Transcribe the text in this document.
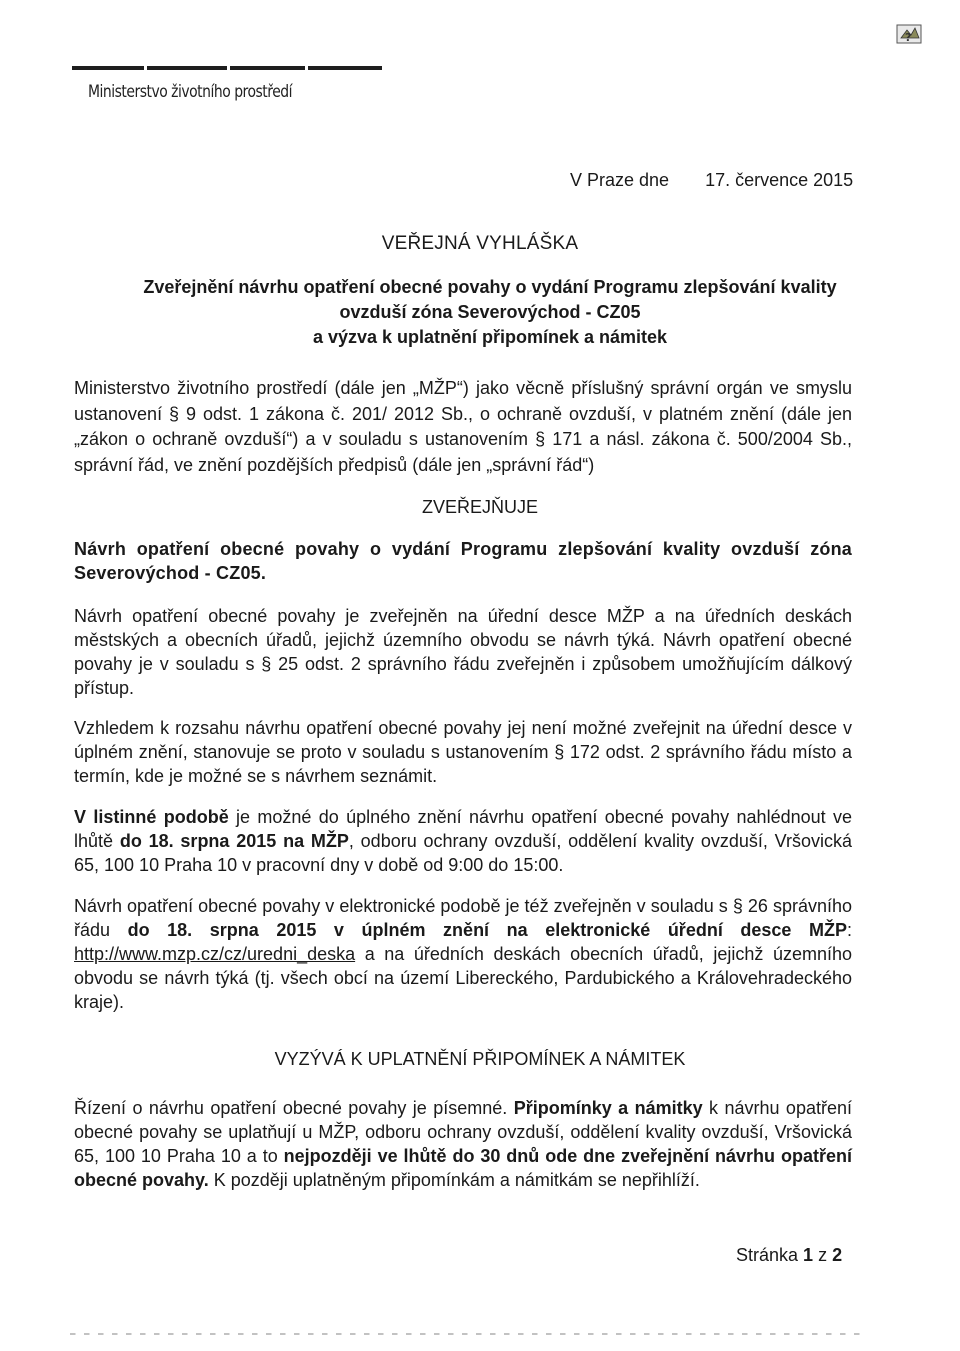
?
Ministerstvo životního prostředí
V Praze dne 17. července 2015
VEŘEJNÁ VYHLÁŠKA
Zveřejnění návrhu opatření obecné povahy o vydání Programu zlepšování kvality
ovzduší zóna Severovýchod - CZ05
a výzva k uplatnění připomínek a námitek
Ministerstvo životního prostředí (dále jen „MŽP“) jako věcně příslušný správní orgán ve smyslu ustanovení § 9 odst. 1 zákona č. 201/ 2012 Sb., o ochraně ovzduší, v platném znění (dále jen „zákon o ochraně ovzduší“) a v souladu s ustanovením § 171 a násl. zákona č. 500/2004 Sb., správní řád, ve znění pozdějších předpisů (dále jen „správní řád“)
ZVEŘEJŇUJE
Návrh opatření obecné povahy o vydání Programu zlepšování kvality ovzduší zóna Severovýchod - CZ05.
Návrh opatření obecné povahy je zveřejněn na úřední desce MŽP a na úředních deskách městských a obecních úřadů, jejichž územního obvodu se návrh týká. Návrh opatření obecné povahy je v souladu s § 25 odst. 2 správního řádu zveřejněn i způsobem umožňujícím dálkový přístup.
Vzhledem k rozsahu návrhu opatření obecné povahy jej není možné zveřejnit na úřední desce v úplném znění, stanovuje se proto v souladu s ustanovením § 172 odst. 2 správního řádu místo a termín, kde je možné se s návrhem seznámit.
V listinné podobě je možné do úplného znění návrhu opatření obecné povahy nahlédnout ve lhůtě do 18. srpna 2015 na MŽP, odboru ochrany ovzduší, oddělení kvality ovzduší, Vršovická 65, 100 10 Praha 10 v pracovní dny v době od 9:00 do 15:00.
Návrh opatření obecné povahy v elektronické podobě je též zveřejněn v souladu s § 26 správního řádu do 18. srpna 2015 v úplném znění na elektronické úřední desce MŽP: http://www.mzp.cz/cz/uredni_deska a na úředních deskách obecních úřadů, jejichž územního obvodu se návrh týká (tj. všech obcí na území Libereckého, Pardubického a Královehradeckého kraje).
VYZÝVÁ K UPLATNĚNÍ PŘIPOMÍNEK A NÁMITEK
Řízení o návrhu opatření obecné povahy je písemné. Připomínky a námitky k návrhu opatření obecné povahy se uplatňují u MŽP, odboru ochrany ovzduší, oddělení kvality ovzduší, Vršovická 65, 100 10 Praha 10 a to nejpozději ve lhůtě do 30 dnů ode dne zveřejnění návrhu opatření obecné povahy. K později uplatněným připomínkám a námitkám se nepřihlíží.
Stránka 1 z 2
